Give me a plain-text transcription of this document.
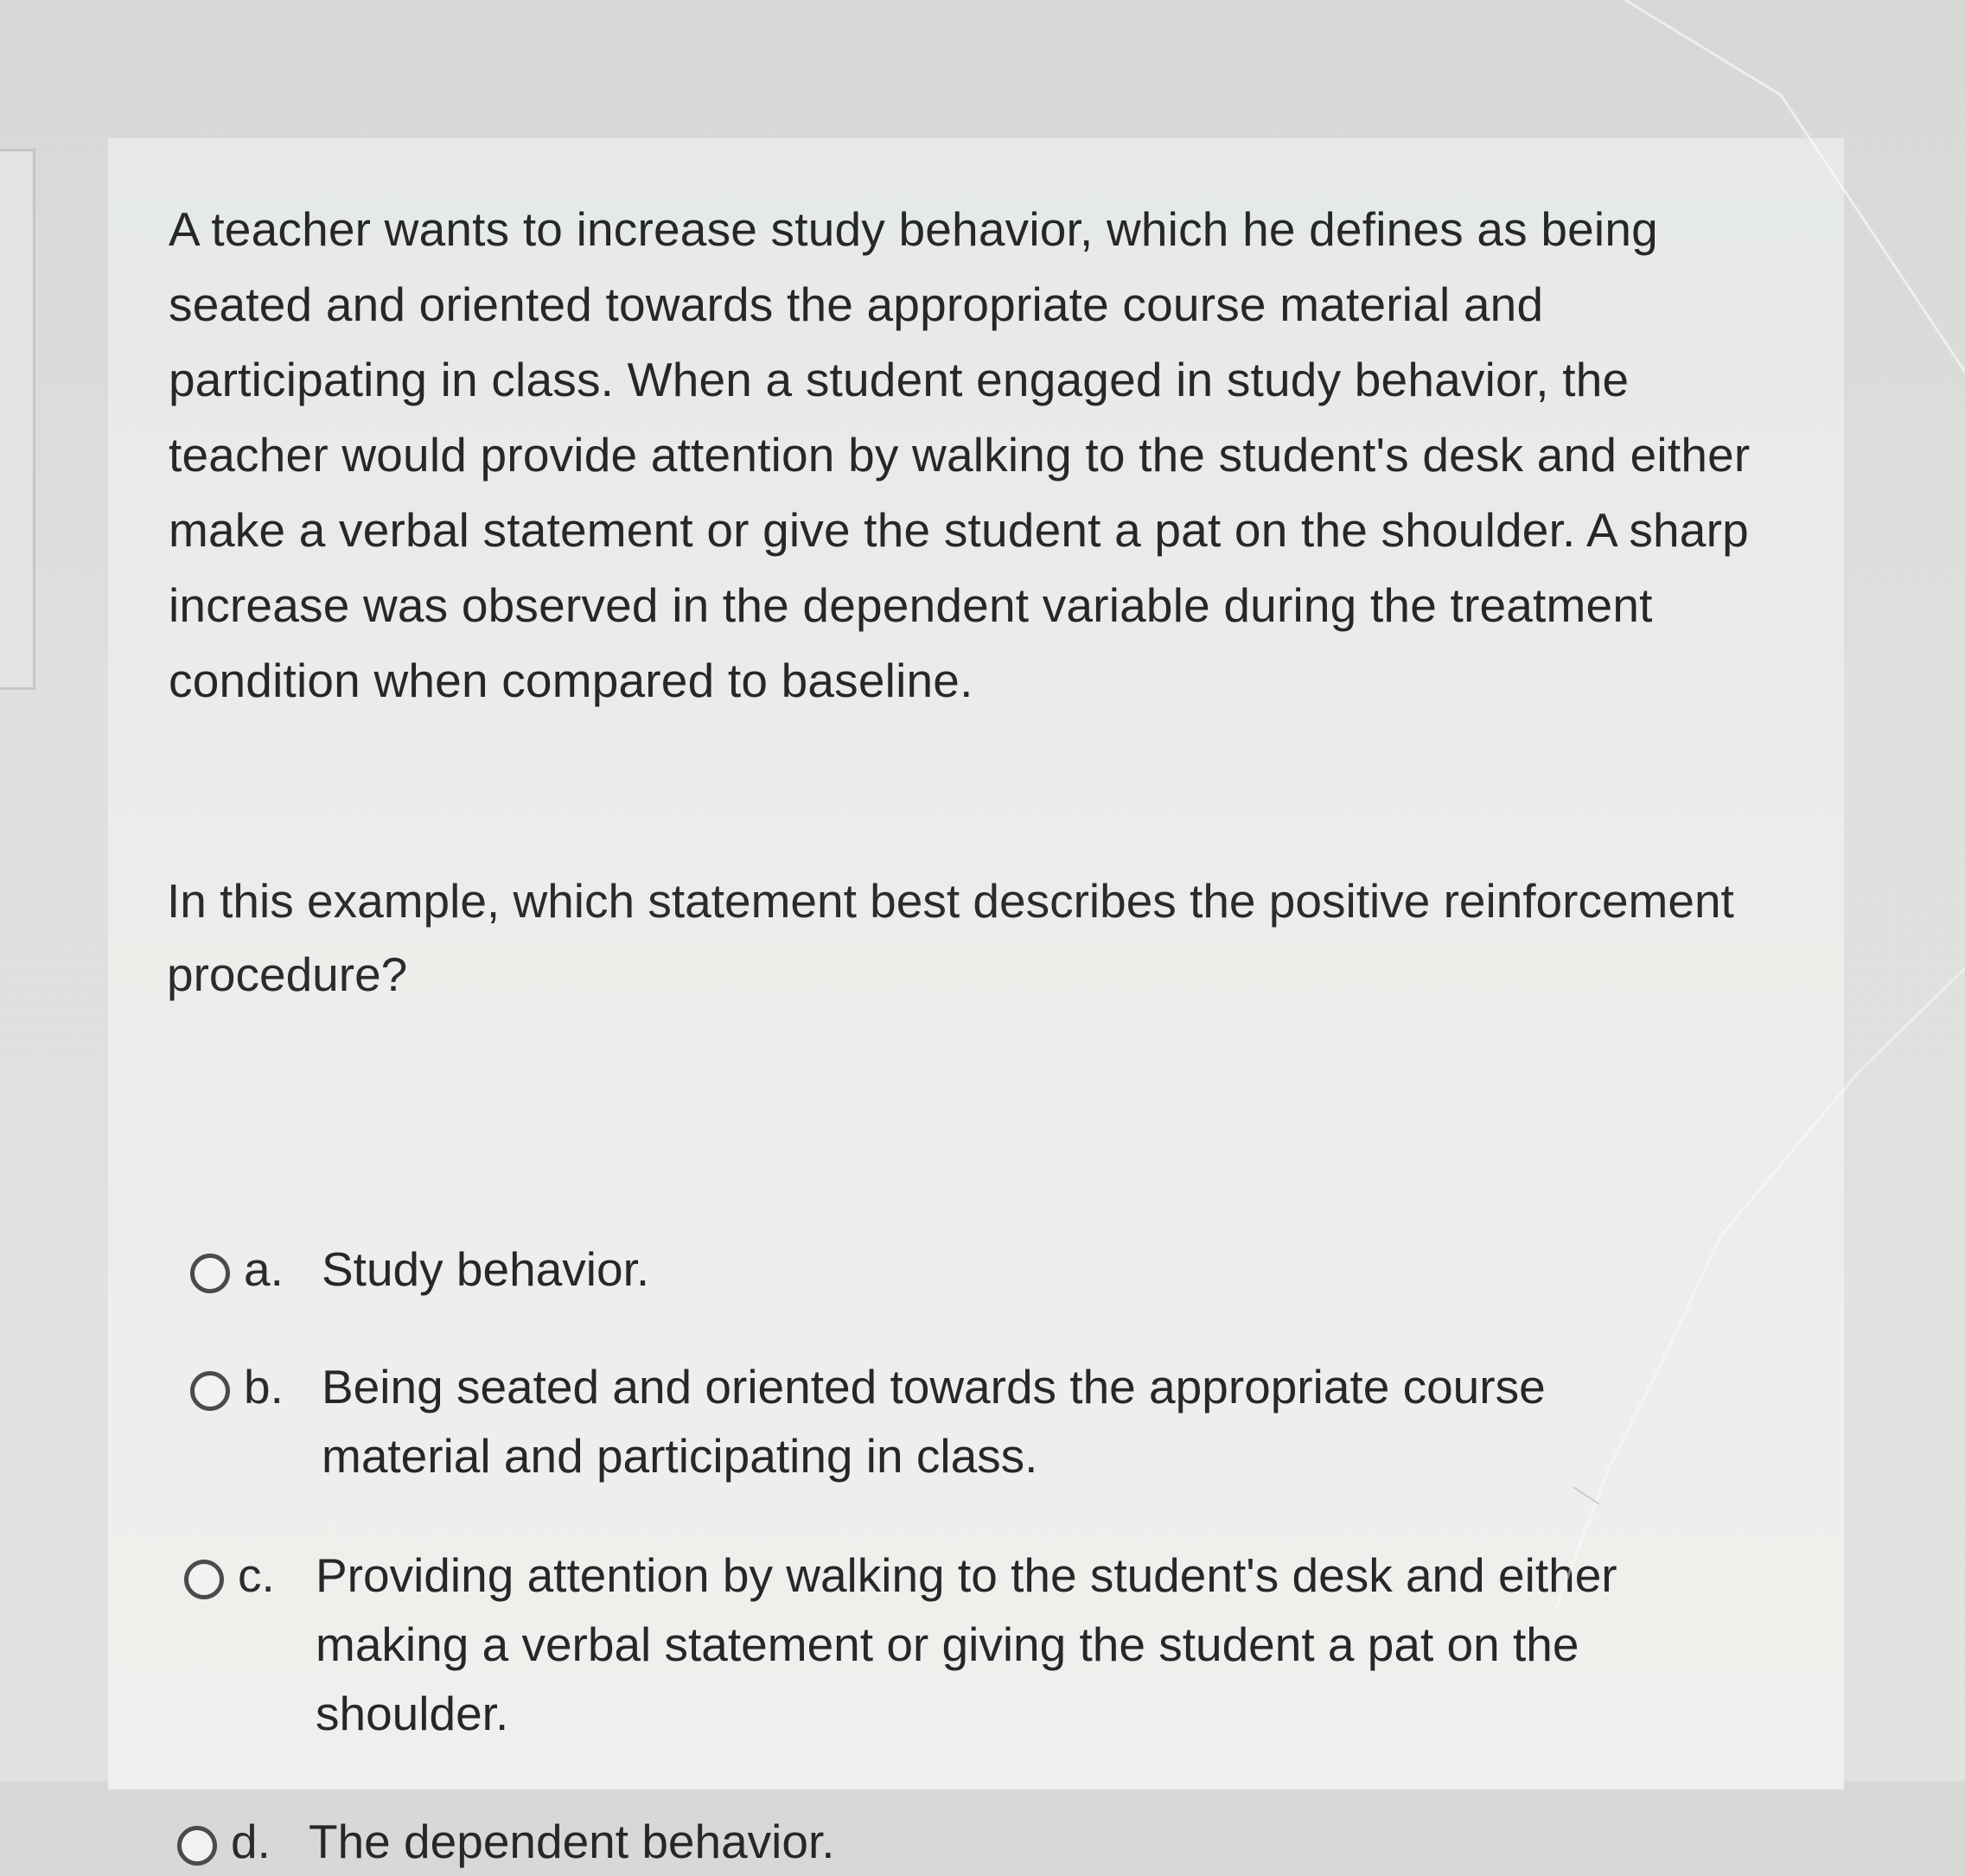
A teacher wants to increase study behavior, which he defines as being seated and oriented towards the appropriate course material and participating in class. When a student engaged in study behavior, the teacher would provide attention by walking to the student's desk and either make a verbal statement or give the student a pat on the shoulder. A sharp increase was observed in the dependent variable during the treatment condition when compared to baseline.

In this example, which statement best describes the positive reinforcement procedure?

a. Study behavior.
b. Being seated and oriented towards the appropriate course material and participating in class.
c. Providing attention by walking to the student's desk and either making a verbal statement or giving the student a pat on the shoulder.
d. The dependent behavior.
